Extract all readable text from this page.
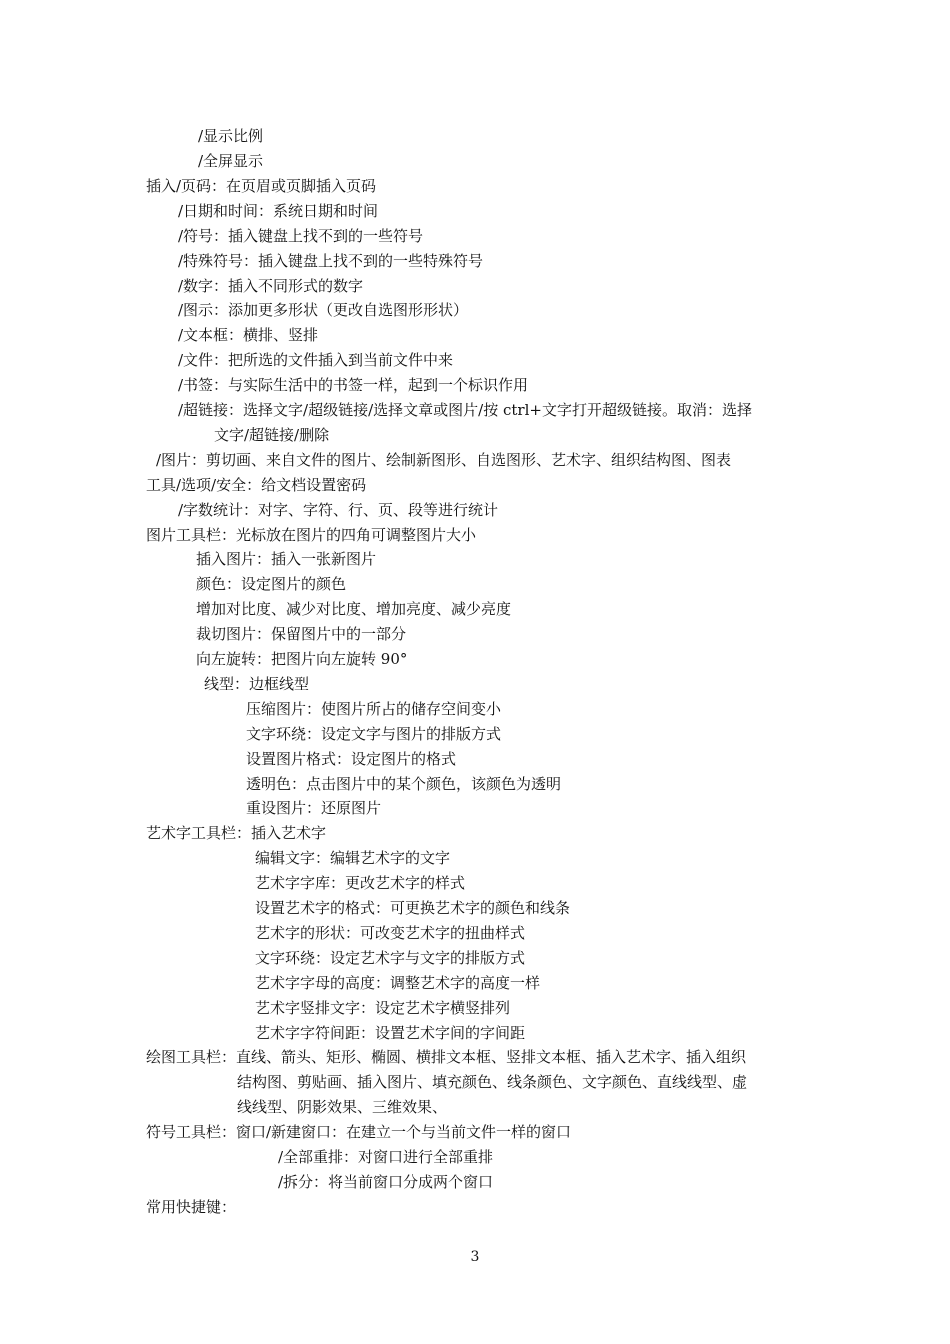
/显示比例
/全屏显示
插入/页码：在页眉或页脚插入页码
/日期和时间：系统日期和时间
/符号：插入键盘上找不到的一些符号
/特殊符号：插入键盘上找不到的一些特殊符号
/数字：插入不同形式的数字
/图示：添加更多形状（更改自选图形形状）
/文本框：横排、竖排
/文件：把所选的文件插入到当前文件中来
/书签：与实际生活中的书签一样，起到一个标识作用
/超链接：选择文字/超级链接/选择文章或图片/按 ctrl+文字打开超级链接。取消：选择
文字/超链接/删除
/图片：剪切画、来自文件的图片、绘制新图形、自选图形、艺术字、组织结构图、图表
工具/选项/安全：给文档设置密码
/字数统计：对字、字符、行、页、段等进行统计
图片工具栏：光标放在图片的四角可调整图片大小
插入图片：插入一张新图片
颜色：设定图片的颜色
增加对比度、减少对比度、增加亮度、减少亮度
裁切图片：保留图片中的一部分
向左旋转：把图片向左旋转 90°
线型：边框线型
压缩图片：使图片所占的储存空间变小
文字环绕：设定文字与图片的排版方式
设置图片格式：设定图片的格式
透明色：点击图片中的某个颜色，该颜色为透明
重设图片：还原图片
艺术字工具栏：插入艺术字
编辑文字：编辑艺术字的文字
艺术字字库：更改艺术字的样式
设置艺术字的格式：可更换艺术字的颜色和线条
艺术字的形状：可改变艺术字的扭曲样式
文字环绕：设定艺术字与文字的排版方式
艺术字字母的高度：调整艺术字的高度一样
艺术字竖排文字：设定艺术字横竖排列
艺术字字符间距：设置艺术字间的字间距
绘图工具栏：直线、箭头、矩形、椭圆、横排文本框、竖排文本框、插入艺术字、插入组织
结构图、剪贴画、插入图片、填充颜色、线条颜色、文字颜色、直线线型、虚
线线型、阴影效果、三维效果、
符号工具栏：窗口/新建窗口：在建立一个与当前文件一样的窗口
/全部重排：对窗口进行全部重排
/拆分：将当前窗口分成两个窗口
常用快捷键：
3
